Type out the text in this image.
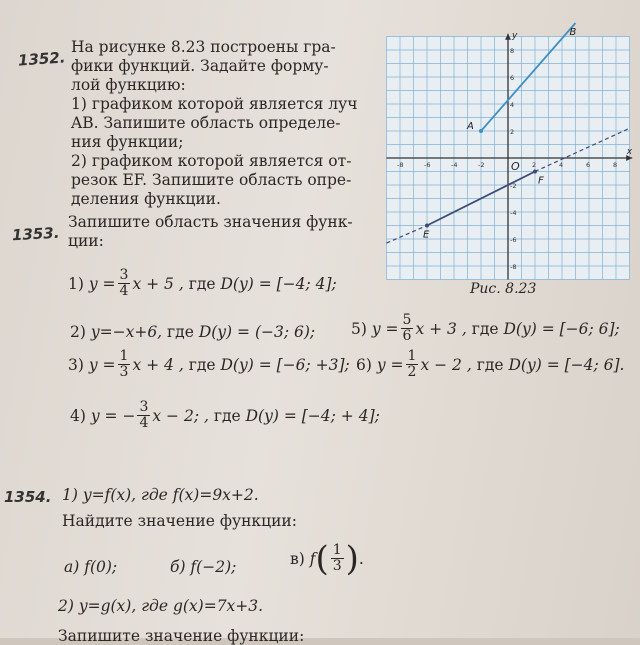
1352.
На рисунке 8.23 построены гра-
фики функций. Задайте форму-
лой функцию:
1) графиком которой является луч
AB. Запишите область определе-
ния функции;
2) графиком которой является от-
резок EF. Запишите область опре-
деления функции.
-8	-6	-4	-2	2	4	6	8
8
6
4
2
-2
-4
-6
-8
O
y
x
A
B
E
F
Рис. 8.23
1353.
Запишите область значения функ-
ции:
1)
$y = \frac{3}{4}$ x + 5 ,
где
D(y) = [−4; 4];
2)
y=−x+6,
где
D(y) = (−3; 6); 5)
$y = \frac{5}{6}$ x + 3 ,
где
D(y) = [−6; 6];
3)
$y = \frac{1}{3}$ x + 4 ,
где
D(y) = [−6; +3]; 6)
$y = \frac{1}{2}$ x − 2 ,
где
D(y) = [−4; 6].
4)
y = − $\frac{3}{4}$ x − 2; ,
где
D(y) = [−4; + 4];
1354. 1) y=f(x), где f(x)=9x+2.
Найдите значение функции:
а) f(0);	б) f(−2);	в)
f ( $\frac{1}{3}$ ) .
2) y=g(x), где g(x)=7x+3.
Запишите значение функции:
